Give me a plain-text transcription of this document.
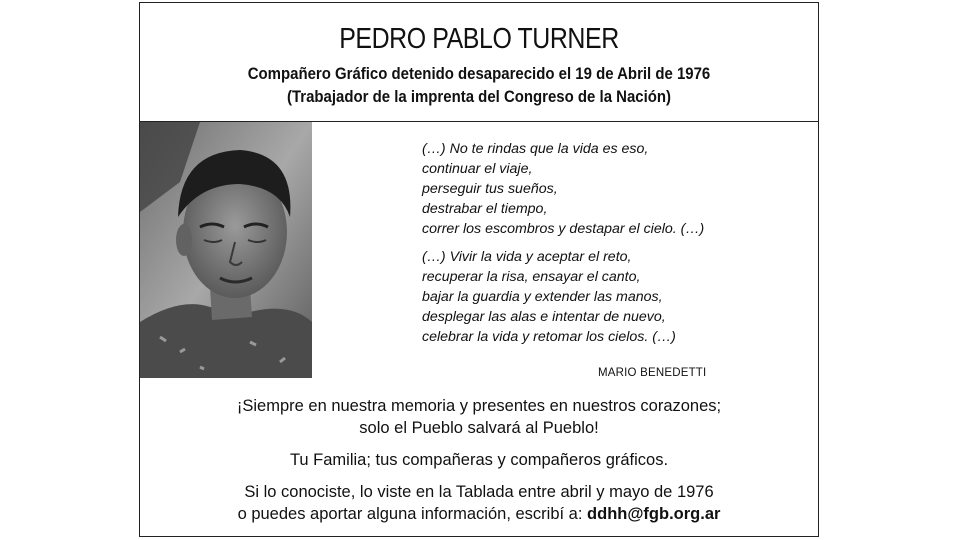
PEDRO PABLO TURNER
Compañero Gráfico detenido desaparecido el 19 de Abril de 1976
(Trabajador de la imprenta del Congreso de la Nación)

(…) No te rindas que la vida es eso,
continuar el viaje,
perseguir tus sueños,
destrabar el tiempo,
correr los escombros y destapar el cielo. (…)

(…) Vivir la vida y aceptar el reto,
recuperar la risa, ensayar el canto,
bajar la guardia y extender las manos,
desplegar las alas e intentar de nuevo,
celebrar la vida y retomar los cielos. (…)

MARIO BENEDETTI
¡Siempre en nuestra memoria y presentes en nuestros corazones;
solo el Pueblo salvará al Pueblo!
Tu Familia; tus compañeras y compañeros gráficos.
Si lo conociste, lo viste en la Tablada entre abril y mayo de 1976
o puedes aportar alguna información, escribí a: ddhh@fgb.org.ar
